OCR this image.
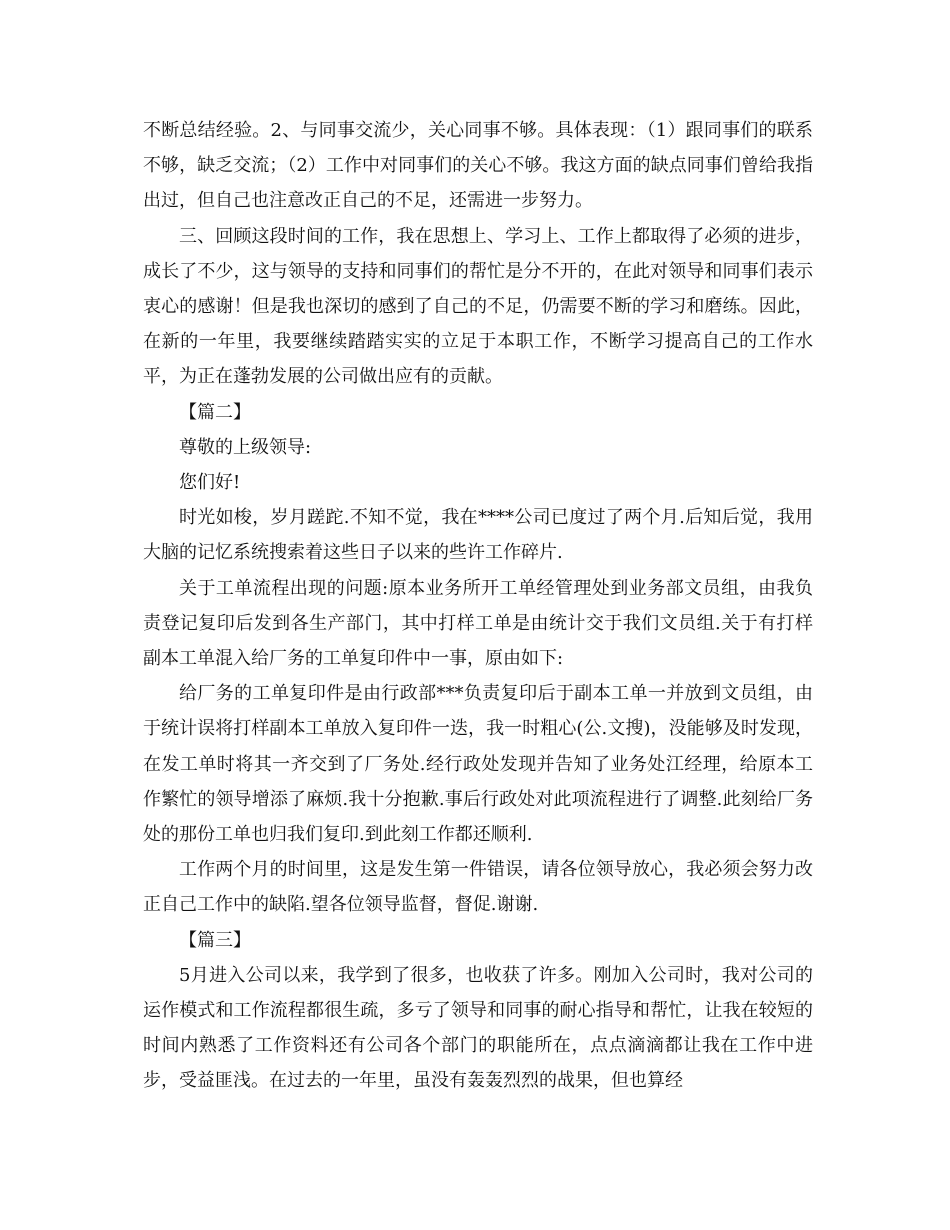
不断总结经验。2、与同事交流少，关心同事不够。具体表现：（1）跟同事们的联系不够，缺乏交流；（2）工作中对同事们的关心不够。我这方面的缺点同事们曾给我指出过，但自己也注意改正自己的不足，还需进一步努力。

三、回顾这段时间的工作，我在思想上、学习上、工作上都取得了必须的进步，成长了不少，这与领导的支持和同事们的帮忙是分不开的，在此对领导和同事们表示衷心的感谢！但是我也深切的感到了自己的不足，仍需要不断的学习和磨练。因此，在新的一年里，我要继续踏踏实实的立足于本职工作，不断学习提高自己的工作水平，为正在蓬勃发展的公司做出应有的贡献。

【篇二】

尊敬的上级领导:

您们好!

时光如梭，岁月蹉跎.不知不觉，我在****公司已度过了两个月.后知后觉，我用大脑的记忆系统搜索着这些日子以来的些许工作碎片.

关于工单流程出现的问题:原本业务所开工单经管理处到业务部文员组，由我负责登记复印后发到各生产部门，其中打样工单是由统计交于我们文员组.关于有打样副本工单混入给厂务的工单复印件中一事，原由如下:

给厂务的工单复印件是由行政部***负责复印后于副本工单一并放到文员组，由于统计误将打样副本工单放入复印件一迭，我一时粗心(公.文搜)，没能够及时发现，在发工单时将其一齐交到了厂务处.经行政处发现并告知了业务处江经理，给原本工作繁忙的领导增添了麻烦.我十分抱歉.事后行政处对此项流程进行了调整.此刻给厂务处的那份工单也归我们复印.到此刻工作都还顺利.

工作两个月的时间里，这是发生第一件错误，请各位领导放心，我必须会努力改正自己工作中的缺陷.望各位领导监督，督促.谢谢.

【篇三】

5月进入公司以来，我学到了很多，也收获了许多。刚加入公司时，我对公司的运作模式和工作流程都很生疏，多亏了领导和同事的耐心指导和帮忙，让我在较短的时间内熟悉了工作资料还有公司各个部门的职能所在，点点滴滴都让我在工作中进步，受益匪浅。在过去的一年里，虽没有轰轰烈烈的战果，但也算经
